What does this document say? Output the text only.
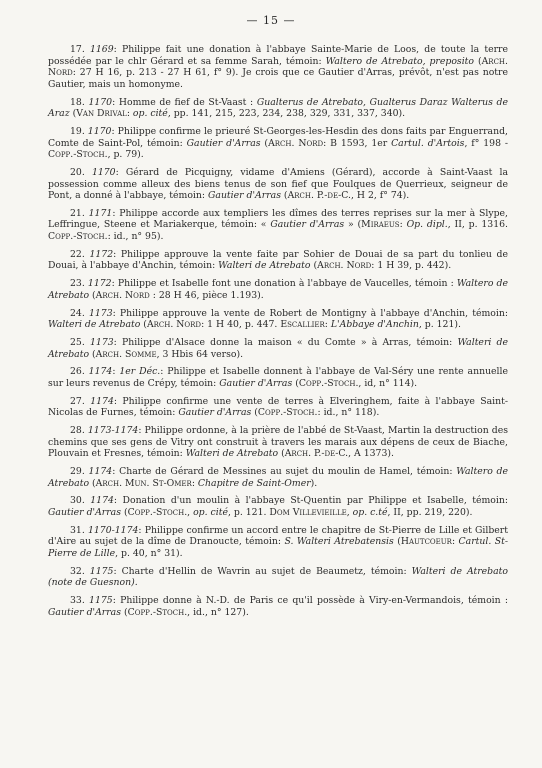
— 15 —

17. 1169: Philippe fait une donation à l'abbaye Sainte-Marie de Loos, de toute la terre possédée par le chlr Gérard et sa femme Sarah, témoin: Waltero de Atrebato, preposito (Arch. Nord: 27 H 16, p. 213 - 27 H 61, f° 9). Je crois que ce Gautier d'Arras, prévôt, n'est pas notre Gautier, mais un homonyme.

18. 1170: Homme de fief de St-Vaast : Gualterus de Atrebato, Gualterus Daraz Walterus de Araz (Van Drival: op. cité, pp. 141, 215, 223, 234, 238, 329, 331, 337, 340).

19. 1170: Philippe confirme le prieuré St-Georges-les-Hesdin des dons faits par Enguerrand, Comte de Saint-Pol, témoin: Gautier d'Arras (Arch. Nord: B 1593, 1er Cartul. d'Artois, f° 198 - Copp.-Stoch., p. 79).

20. 1170: Gérard de Picquigny, vidame d'Amiens (Gérard), accorde à Saint-Vaast la possession comme alleux des biens tenus de son fief que Foulques de Querrieux, seigneur de Pont, a donné à l'abbaye, témoin: Gautier d'Arras (Arch. P.-de-C., H 2, f° 74).

21. 1171: Philippe accorde aux templiers les dîmes des terres reprises sur la mer à Slype, Leffringue, Steene et Mariakerque, témoin: « Gautier d'Arras » (Miraeus: Op. dipl., II, p. 1316. Copp.-Stoch.: id., n° 95).

22. 1172: Philippe approuve la vente faite par Sohier de Douai de sa part du tonlieu de Douai, à l'abbaye d'Anchin, témoin: Walteri de Atrebato (Arch. Nord: 1 H 39, p. 442).

23. 1172: Philippe et Isabelle font une donation à l'abbaye de Vaucelles, témoin : Waltero de Atrebato (Arch. Nord : 28 H 46, pièce 1.193).

24. 1173: Philippe approuve la vente de Robert de Montigny à l'abbaye d'Anchin, témoin: Walteri de Atrebato (Arch. Nord: 1 H 40, p. 447. Escallier: L'Abbaye d'Anchin, p. 121).

25. 1173: Philippe d'Alsace donne la maison « du Comte » à Arras, témoin: Walteri de Atrebato (Arch. Somme, 3 Hbis 64 verso).

26. 1174: 1er Déc.: Philippe et Isabelle donnent à l'abbaye de Val-Séry une rente annuelle sur leurs revenus de Crépy, témoin: Gautier d'Arras (Copp.-Stoch., id, n° 114).

27. 1174: Philippe confirme une vente de terres à Elveringhem, faite à l'abbaye Saint-Nicolas de Furnes, témoin: Gautier d'Arras (Copp.-Stoch.: id., n° 118).

28. 1173-1174: Philippe ordonne, à la prière de l'abbé de St-Vaast, Martin la destruction des chemins que ses gens de Vitry ont construit à travers les marais aux dépens de ceux de Biache, Plouvain et Fresnes, témoin: Walteri de Atrebato (Arch. P.-de-C., A 1373).

29. 1174: Charte de Gérard de Messines au sujet du moulin de Hamel, témoin: Waltero de Atrebato (Arch. Mun. St-Omer: Chapitre de Saint-Omer).

30. 1174: Donation d'un moulin à l'abbaye St-Quentin par Philippe et Isabelle, témoin: Gautier d'Arras (Copp.-Stoch., op. cité, p. 121. Dom Villevieille, op. c.té, II, pp. 219, 220).

31. 1170-1174: Philippe confirme un accord entre le chapitre de St-Pierre de Lille et Gilbert d'Aire au sujet de la dîme de Dranoucte, témoin: S. Walteri Atrebatensis (Hautcoeur: Cartul. St-Pierre de Lille, p. 40, n° 31).

32. 1175: Charte d'Hellin de Wavrin au sujet de Beaumetz, témoin: Walteri de Atrebato (note de Guesnon).

33. 1175: Philippe donne à N.-D. de Paris ce qu'il possède à Viry-en-Vermandois, témoin : Gautier d'Arras (Copp.-Stoch., id., n° 127).
